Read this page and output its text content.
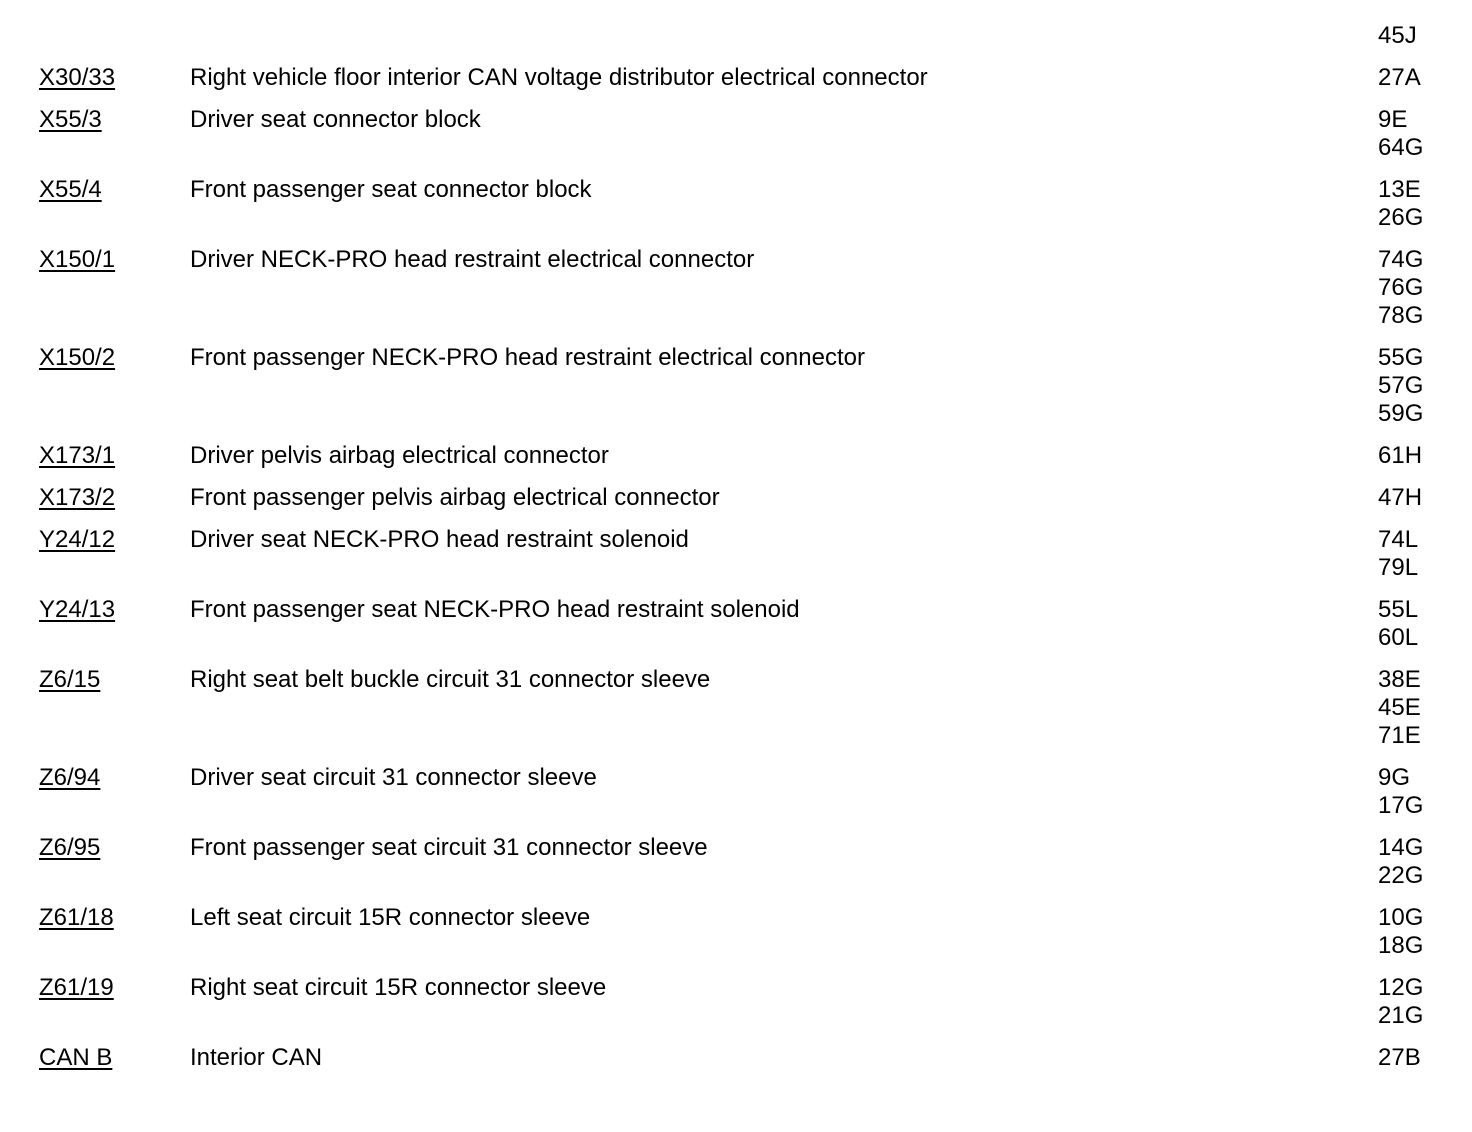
45J
X30/33	Right vehicle floor interior CAN voltage distributor electrical connector	27A
X55/3	Driver seat connector block	9E
64G
X55/4	Front passenger seat connector block	13E
26G
X150/1	Driver NECK-PRO head restraint electrical connector	74G
76G
78G
X150/2	Front passenger NECK-PRO head restraint electrical connector	55G
57G
59G
X173/1	Driver pelvis airbag electrical connector	61H
X173/2	Front passenger pelvis airbag electrical connector	47H
Y24/12	Driver seat NECK-PRO head restraint solenoid	74L
79L
Y24/13	Front passenger seat NECK-PRO head restraint solenoid	55L
60L
Z6/15	Right seat belt buckle circuit 31 connector sleeve	38E
45E
71E
Z6/94	Driver seat circuit 31 connector sleeve	9G
17G
Z6/95	Front passenger seat circuit 31 connector sleeve	14G
22G
Z61/18	Left seat circuit 15R connector sleeve	10G
18G
Z61/19	Right seat circuit 15R connector sleeve	12G
21G
CAN B	Interior CAN	27B
